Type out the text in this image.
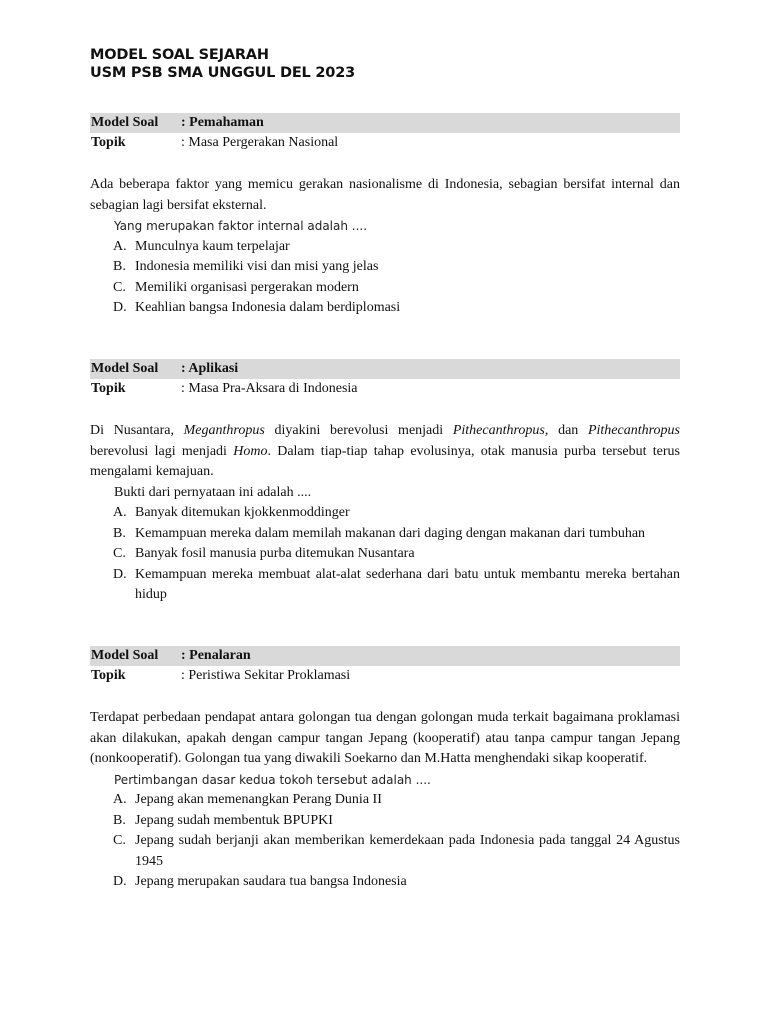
MODEL SOAL SEJARAH
USM PSB SMA UNGGUL DEL 2023
Model Soal	: Pemahaman
Topik	: Masa Pergerakan Nasional
Ada beberapa faktor yang memicu gerakan nasionalisme di Indonesia, sebagian bersifat internal dan sebagian lagi bersifat eksternal.
Yang merupakan faktor internal adalah ....
A. Munculnya kaum terpelajar
B. Indonesia memiliki visi dan misi yang jelas
C. Memiliki organisasi pergerakan modern
D. Keahlian bangsa Indonesia dalam berdiplomasi
Model Soal	: Aplikasi
Topik	: Masa Pra-Aksara di Indonesia
Di Nusantara, Meganthropus diyakini berevolusi menjadi Pithecanthropus, dan Pithecanthropus berevolusi lagi menjadi Homo. Dalam tiap-tiap tahap evolusinya, otak manusia purba tersebut terus mengalami kemajuan.
Bukti dari pernyataan ini adalah ....
A. Banyak ditemukan kjokkenmoddinger
B. Kemampuan mereka dalam memilah makanan dari daging dengan makanan dari tumbuhan
C. Banyak fosil manusia purba ditemukan Nusantara
D. Kemampuan mereka membuat alat-alat sederhana dari batu untuk membantu mereka bertahan hidup
Model Soal	: Penalaran
Topik	: Peristiwa Sekitar Proklamasi
Terdapat perbedaan pendapat antara golongan tua dengan golongan muda terkait bagaimana proklamasi akan dilakukan, apakah dengan campur tangan Jepang (kooperatif) atau tanpa campur tangan Jepang (nonkooperatif). Golongan tua yang diwakili Soekarno dan M.Hatta menghendaki sikap kooperatif.
Pertimbangan dasar kedua tokoh tersebut adalah ....
A. Jepang akan memenangkan Perang Dunia II
B. Jepang sudah membentuk BPUPKI
C. Jepang sudah berjanji akan memberikan kemerdekaan pada Indonesia pada tanggal 24 Agustus 1945
D. Jepang merupakan saudara tua bangsa Indonesia
